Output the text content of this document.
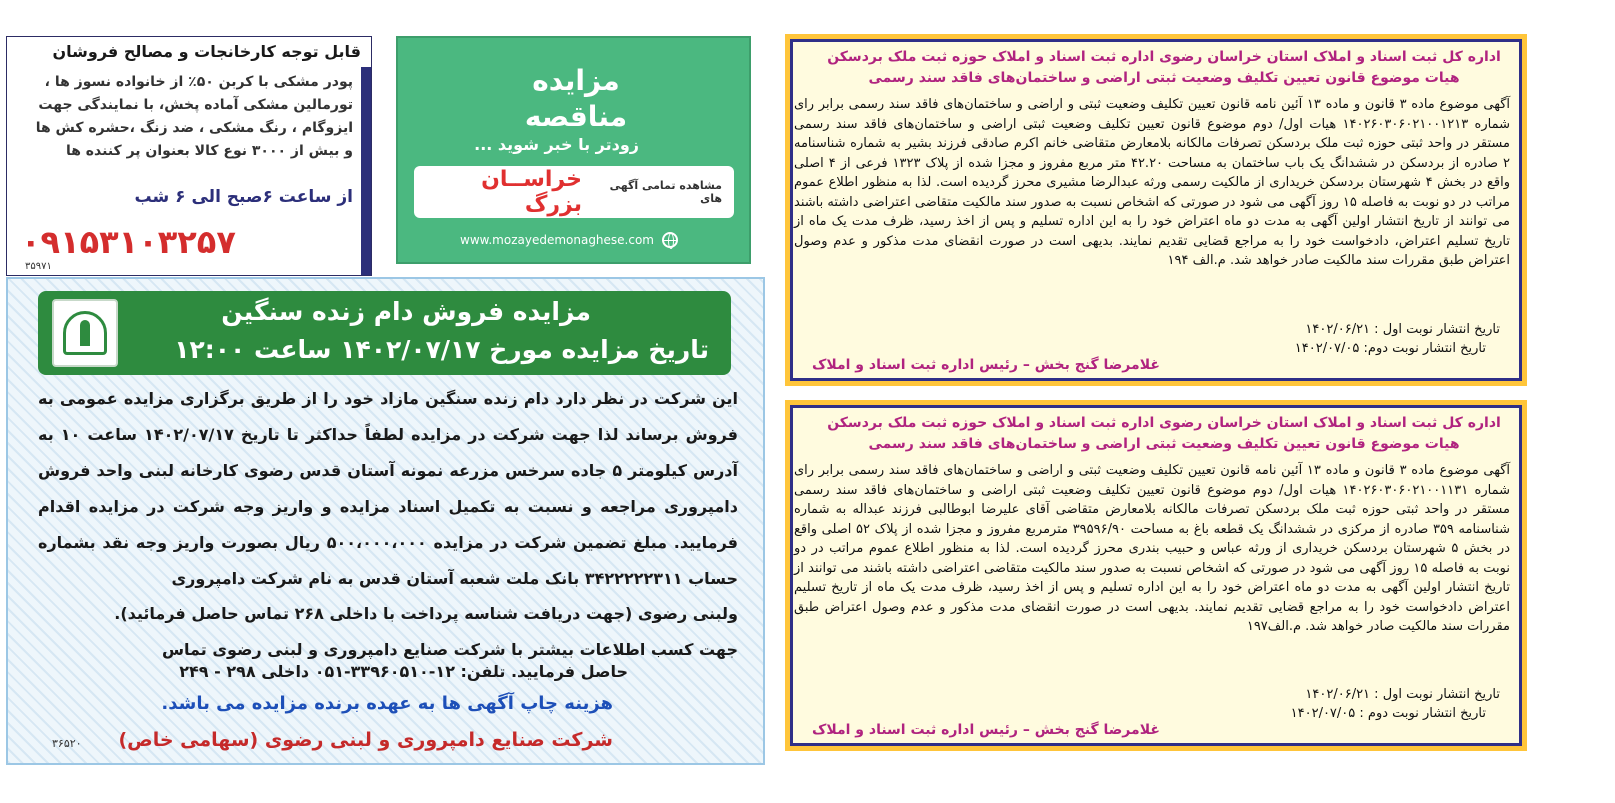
قابل توجه کارخانجات و مصالح فروشان
پودر مشکی با کربن ۵۰٪ از خانواده نسوز ها ،
تورمالین مشکی آماده پخش، با نمایندگی جهت
ایزوگام ، رنگ مشکی ، ضد زنگ ،حشره کش ها
و بیش از ۳۰۰۰ نوع کالا بعنوان پر کننده ها
از ساعت ۶صبح الی ۶ شب
۰۹۱۵۳۱۰۳۲۵۷
۳۵۹۷۱
مزایده
مناقصه
زودتر با خبر شوید ...
مشاهده تمامی آگهی های
خراســان بزرگ
www.mozayedemonaghese.com
مزایده فروش دام زنده سنگین
تاریخ مزایده مورخ ۱۴۰۲/۰۷/۱۷ ساعت ۱۲:۰۰
این شرکت در نظر دارد دام زنده سنگین مازاد خود را از طریق برگزاری مزایده عمومی به فروش برساند لذا جهت شرکت در مزایده لطفاً حداکثر تا تاریخ ۱۴۰۲/۰۷/۱۷ ساعت ۱۰ به آدرس کیلومتر ۵ جاده سرخس مزرعه نمونه آستان قدس رضوی کارخانه لبنی واحد فروش دامپروری مراجعه و نسبت به تکمیل اسناد مزایده و واریز وجه شرکت در مزایده اقدام فرمایید. مبلغ تضمین شرکت در مزایده ۵۰۰،۰۰۰،۰۰۰ ریال بصورت واریز وجه نقد بشماره حساب ۳۴۲۲۲۲۲۳۱۱ بانک ملت شعبه آستان قدس به نام شرکت دامپروری
ولبنی رضوی (جهت دریافت شناسه پرداخت با داخلی ۲۶۸ تماس حاصل فرمائید).
جهت کسب اطلاعات بیشتر با شرکت صنایع دامپروری و لبنی رضوی تماس
حاصل فرمایید. تلفن: ۱۲-۳۳۹۶۰۵۱۰-۰۵۱ داخلی ۲۹۸ - ۲۴۹
هزینه چاپ آگهی ها به عهده برنده مزایده می باشد.
شرکت صنایع دامپروری و لبنی رضوی (سهامی خاص)
۳۶۵۲۰
اداره کل ثبت اسناد و املاک استان خراسان رضوی اداره ثبت اسناد و املاک حوزه ثبت ملک بردسکن
هیات موضوع قانون تعیین تکلیف وضعیت ثبتی اراضی و ساختمان‌های فاقد سند رسمی
آگهی موضوع ماده ۳ قانون و ماده ۱۳ آئین نامه قانون تعیین تکلیف وضعیت ثبتی و اراضی و ساختمان‌های فاقد سند رسمی برابر رای شماره ۱۴۰۲۶۰۳۰۶۰۲۱۰۰۱۲۱۳ هیات اول/ دوم موضوع قانون تعیین تکلیف وضعیت ثبتی اراضی و ساختمان‌های فاقد سند رسمی مستقر در واحد ثبتی حوزه ثبت ملک بردسکن تصرفات مالکانه بلامعارض متقاضی خانم اکرم صادقی فرزند بشیر به شماره شناسنامه ۲ صادره از بردسکن در ششدانگ یک باب ساختمان به مساحت ۴۲.۲۰ متر مربع مفروز و مجزا شده از پلاک ۱۳۲۳ فرعی از ۴ اصلی واقع در بخش ۴ شهرستان بردسکن خریداری از مالکیت رسمی ورثه عبدالرضا مشیری محرز گردیده است. لذا به منظور اطلاع عموم مراتب در دو نوبت به فاصله ۱۵ روز آگهی می شود در صورتی که اشخاص نسبت به صدور سند مالکیت متقاضی اعتراضی داشته باشند می توانند از تاریخ انتشار اولین آگهی به مدت دو ماه اعتراض خود را به این اداره تسلیم و پس از اخذ رسید، ظرف مدت یک ماه از تاریخ تسلیم اعتراض، دادخواست خود را به مراجع قضایی تقدیم نمایند. بدیهی است در صورت انقضای مدت مذکور و عدم وصول اعتراض طبق مقررات سند مالکیت صادر خواهد شد. م.الف ۱۹۴
تاریخ انتشار نوبت اول : ۱۴۰۲/۰۶/۲۱
تاریخ انتشار نوبت دوم: ۱۴۰۲/۰۷/۰۵
غلامرضا گنج بخش – رئیس اداره ثبت اسناد و املاک
اداره کل ثبت اسناد و املاک استان خراسان رضوی اداره ثبت اسناد و املاک حوزه ثبت ملک بردسکن
هیات موضوع قانون تعیین تکلیف وضعیت ثبتی اراضی و ساختمان‌های فاقد سند رسمی
آگهی موضوع ماده ۳ قانون و ماده ۱۳ آئین نامه قانون تعیین تکلیف وضعیت ثبتی و اراضی و ساختمان‌های فاقد سند رسمی برابر رای شماره ۱۴۰۲۶۰۳۰۶۰۲۱۰۰۱۱۳۱ هیات اول/ دوم موضوع قانون تعیین تکلیف وضعیت ثبتی اراضی و ساختمان‌های فاقد سند رسمی مستقر در واحد ثبتی حوزه ثبت ملک بردسکن تصرفات مالکانه بلامعارض متقاضی آقای علیرضا ابوطالبی فرزند عبداله به شماره شناسنامه ۳۵۹ صادره از مرکزی در ششدانگ یک قطعه باغ به مساحت ۳۹۵۹۶/۹۰ مترمربع مفروز و مجزا شده از پلاک ۵۲ اصلی واقع در بخش ۵ شهرستان بردسکن خریداری از ورثه عباس و حبیب بندری محرز گردیده است. لذا به منظور اطلاع عموم مراتب در دو نوبت به فاصله ۱۵ روز آگهی می شود در صورتی که اشخاص نسبت به صدور سند مالکیت متقاضی اعتراضی داشته باشند می توانند از تاریخ انتشار اولین آگهی به مدت دو ماه اعتراض خود را به این اداره تسلیم و پس از اخذ رسید، ظرف مدت یک ماه از تاریخ تسلیم اعتراض دادخواست خود را به مراجع قضایی تقدیم نمایند. بدیهی است در صورت انقضای مدت مذکور و عدم وصول اعتراض طبق مقررات سند مالکیت صادر خواهد شد. م.الف۱۹۷
تاریخ انتشار نوبت اول : ۱۴۰۲/۰۶/۲۱
تاریخ انتشار نوبت دوم : ۱۴۰۲/۰۷/۰۵
غلامرضا گنج بخش – رئیس اداره ثبت اسناد و املاک
